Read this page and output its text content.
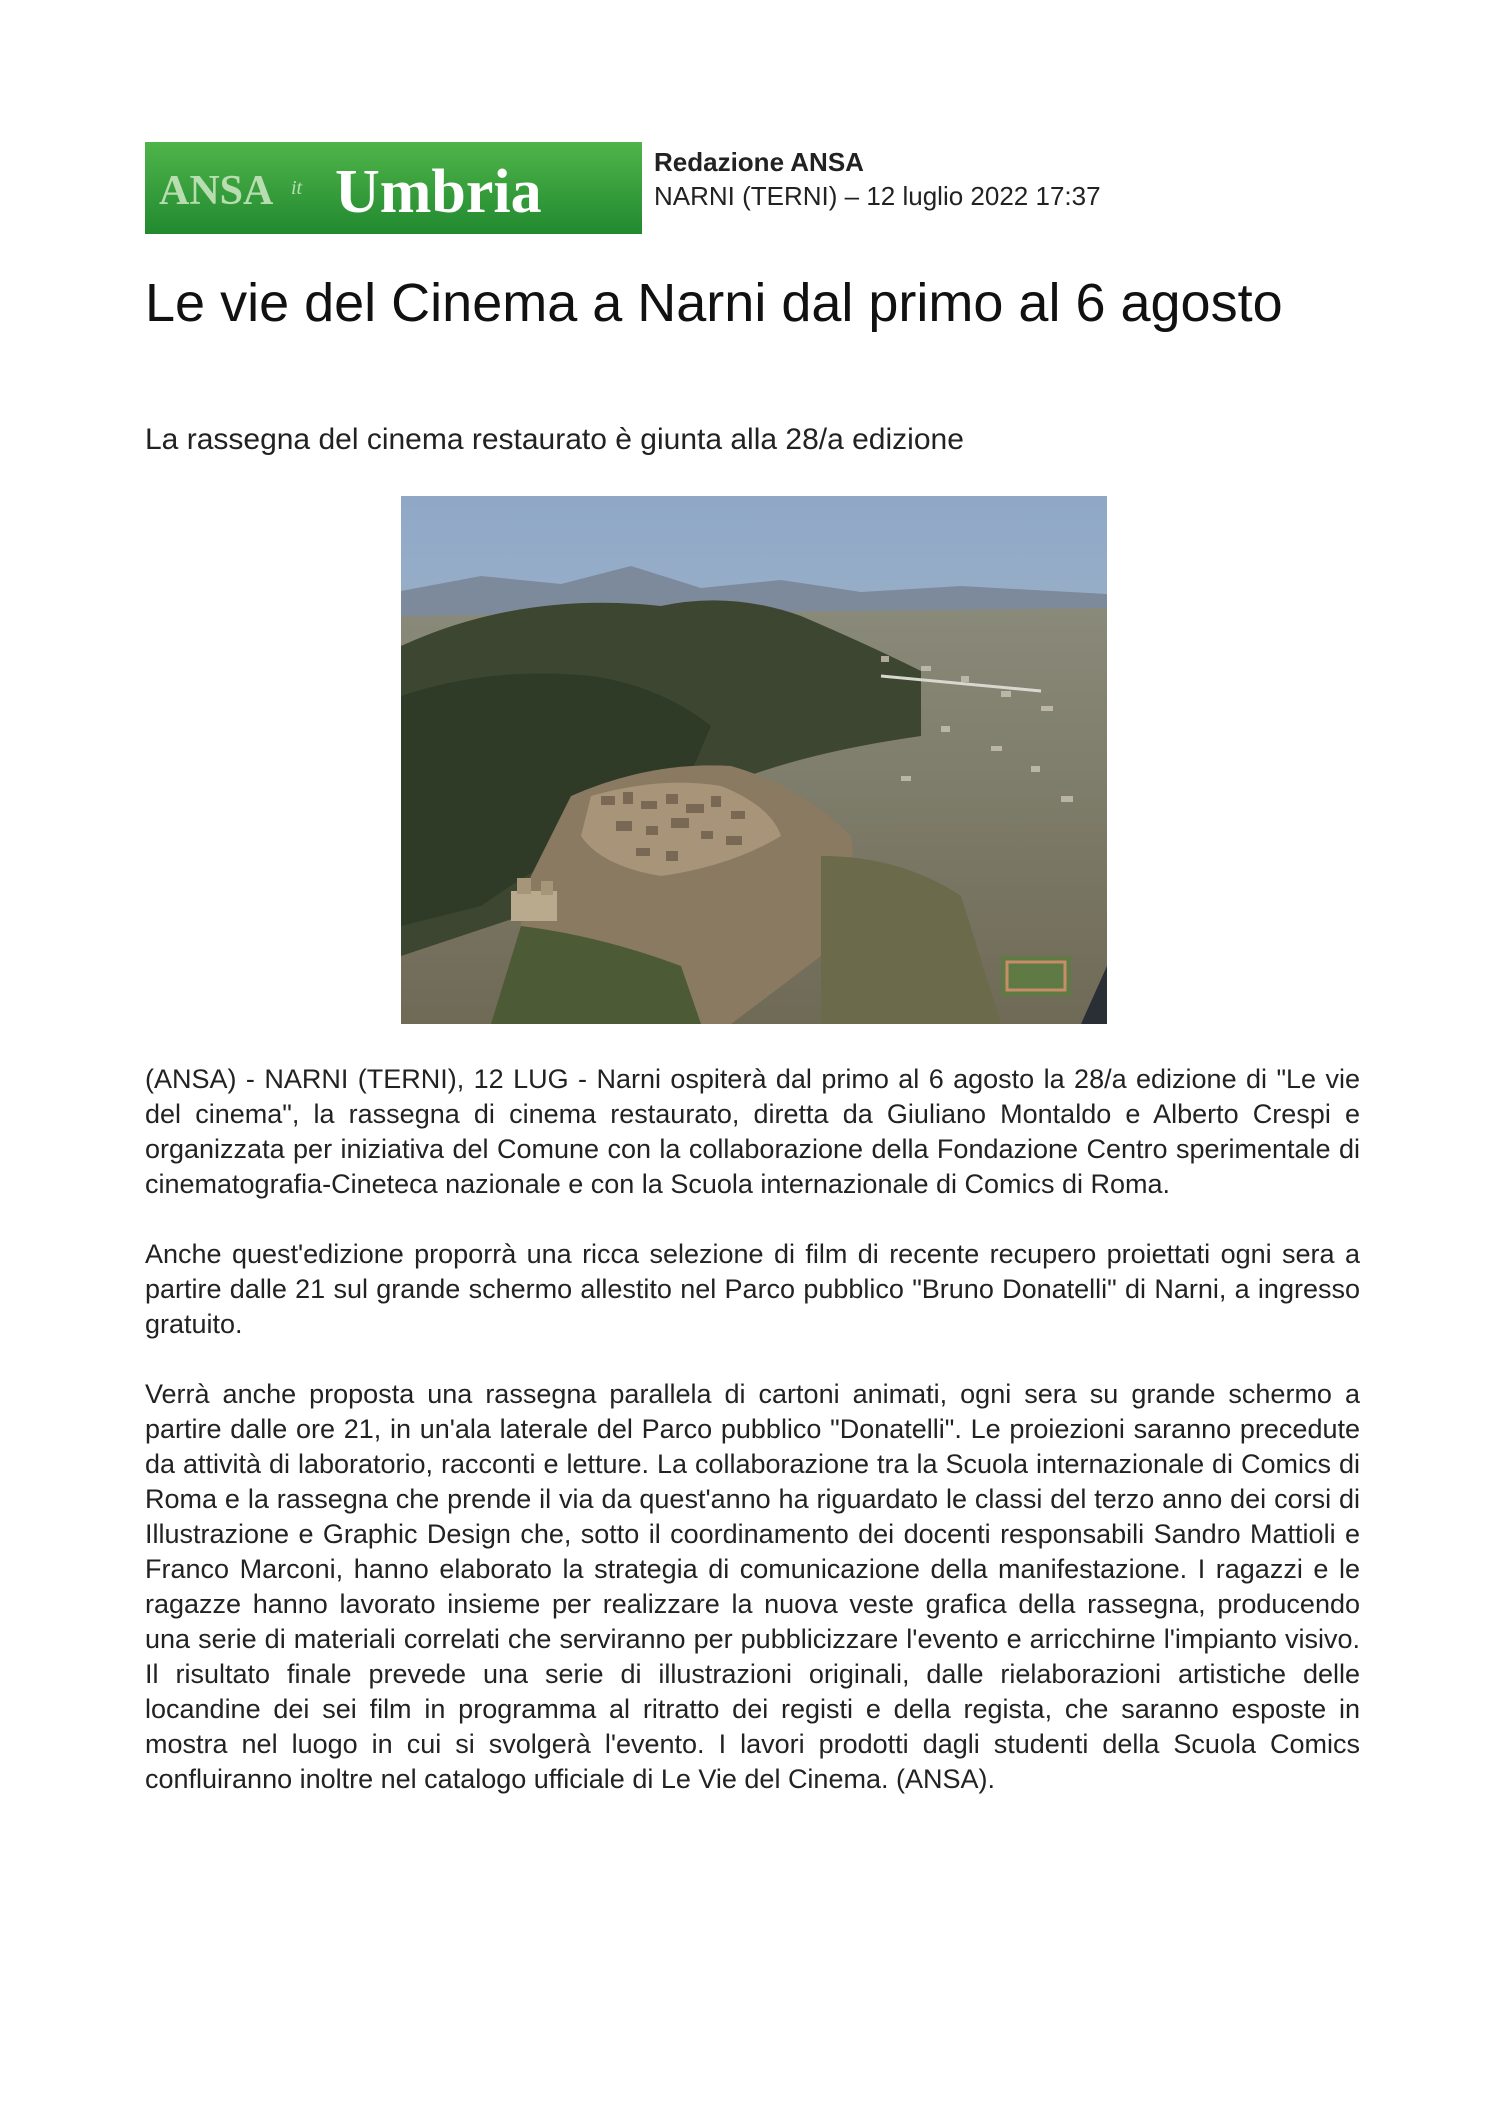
ANSA it Umbria	Redazione ANSA
NARNI (TERNI) – 12 luglio 2022 17:37
Le vie del Cinema a Narni dal primo al 6 agosto

La rassegna del cinema restaurato è giunta alla 28/a edizione

(ANSA) - NARNI (TERNI), 12 LUG - Narni ospiterà dal primo al 6 agosto la 28/a edizione di "Le vie del cinema", la rassegna di cinema restaurato, diretta da Giuliano Montaldo e Alberto Crespi e organizzata per iniziativa del Comune con la collaborazione della Fondazione Centro sperimentale di cinematografia-Cineteca nazionale e con la Scuola internazionale di Comics di Roma.

Anche quest'edizione proporrà una ricca selezione di film di recente recupero proiettati ogni sera a partire dalle 21 sul grande schermo allestito nel Parco pubblico "Bruno Donatelli" di Narni, a ingresso gratuito.

Verrà anche proposta una rassegna parallela di cartoni animati, ogni sera su grande schermo a partire dalle ore 21, in un'ala laterale del Parco pubblico "Donatelli". Le proiezioni saranno precedute da attività di laboratorio, racconti e letture. La collaborazione tra la Scuola internazionale di Comics di Roma e la rassegna che prende il via da quest'anno ha riguardato le classi del terzo anno dei corsi di Illustrazione e Graphic Design che, sotto il coordinamento dei docenti responsabili Sandro Mattioli e Franco Marconi, hanno elaborato la strategia di comunicazione della manifestazione. I ragazzi e le ragazze hanno lavorato insieme per realizzare la nuova veste grafica della rassegna, producendo una serie di materiali correlati che serviranno per pubblicizzare l'evento e arricchirne l'impianto visivo. Il risultato finale prevede una serie di illustrazioni originali, dalle rielaborazioni artistiche delle locandine dei sei film in programma al ritratto dei registi e della regista, che saranno esposte in mostra nel luogo in cui si svolgerà l'evento. I lavori prodotti dagli studenti della Scuola Comics confluiranno inoltre nel catalogo ufficiale di Le Vie del Cinema. (ANSA).
